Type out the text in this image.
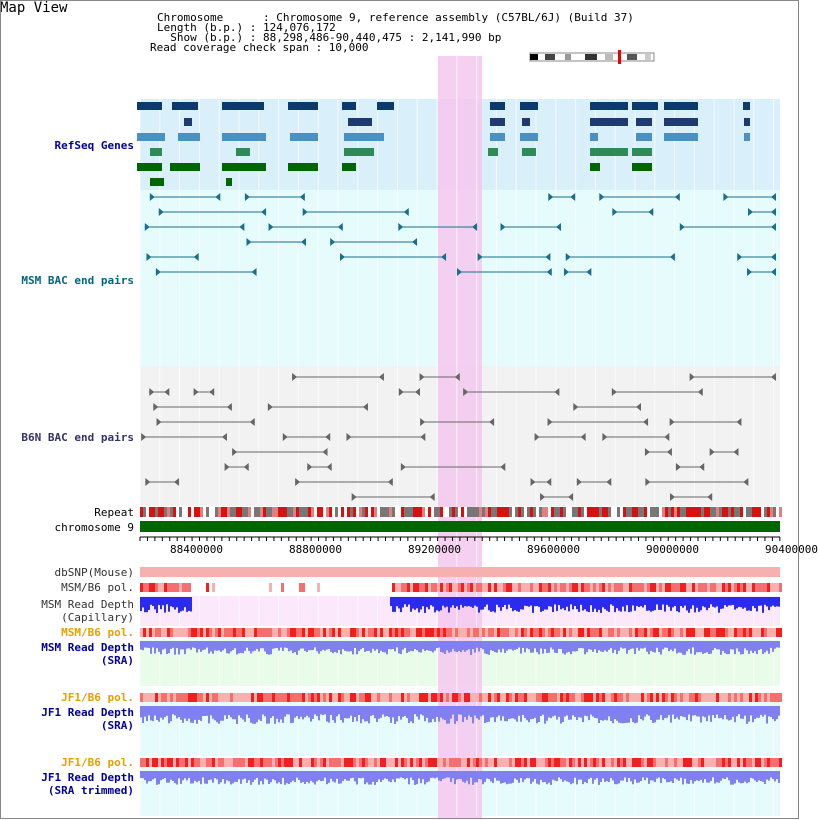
Map View
Chromosome      : Chromosome 9, reference assembly (C57BL/6J) (Build 37)
Length (b.p.) : 124,076,172
Show (b.p.) : 88,298,486-90,440,475 : 2,141,990 bp
Read coverage check span : 10,000
RefSeq Genes
MSM BAC end pairs
B6N BAC end pairs
Repeat
chromosome 9
88400000	88800000	89200000	89600000	90000000	90400000
dbSNP(Mouse)
MSM/B6 pol.
MSM Read Depth
(Capillary)
MSM/B6 pol.
MSM Read Depth
(SRA)
JF1/B6 pol.
JF1 Read Depth
(SRA)
JF1/B6 pol.
JF1 Read Depth
(SRA trimmed)
